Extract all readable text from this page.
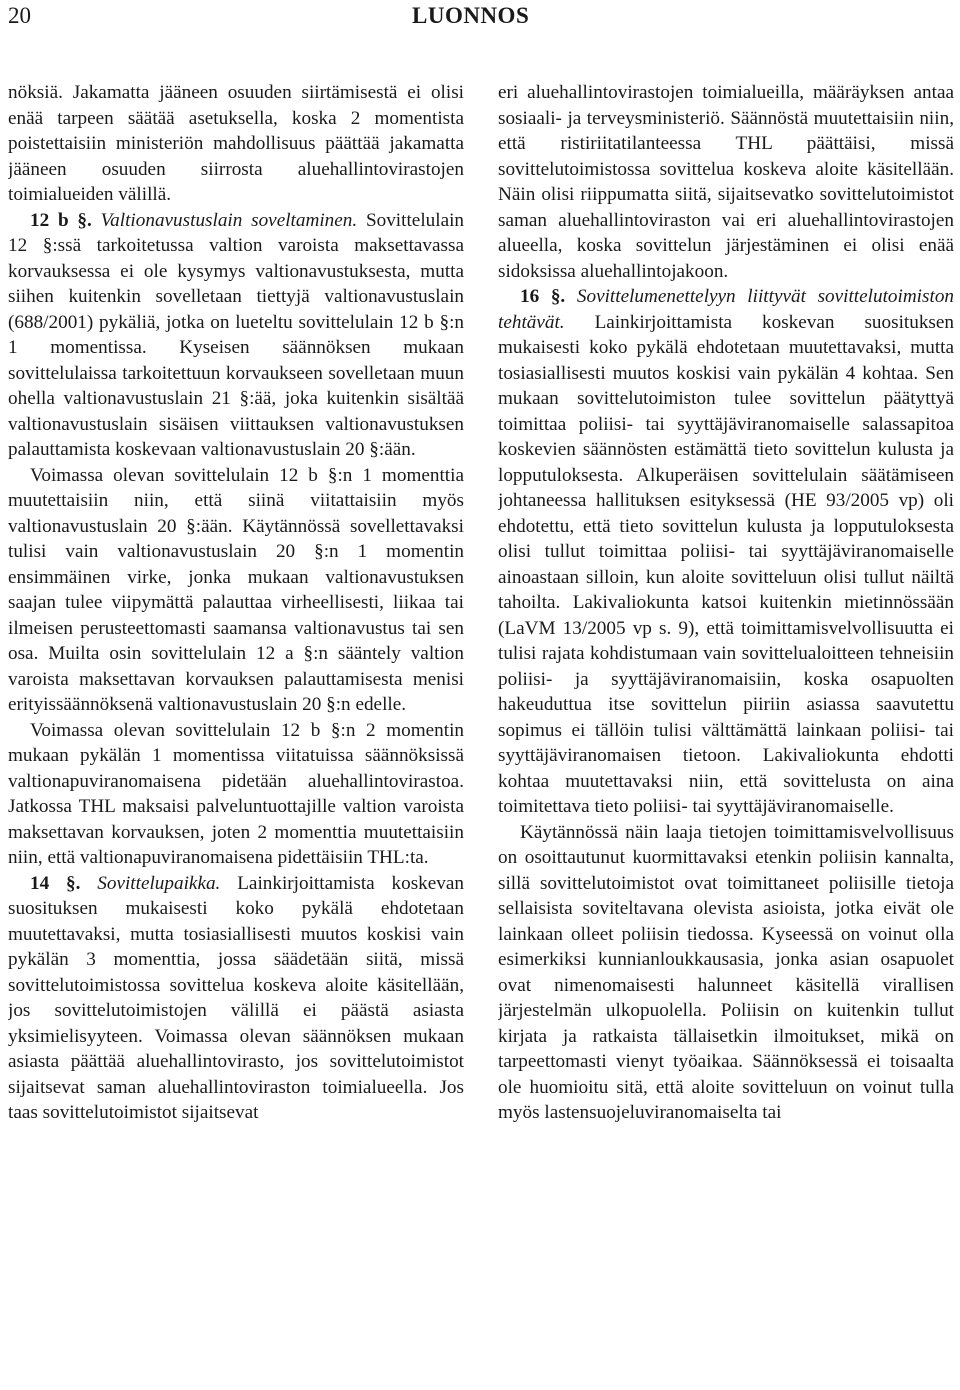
20	LUONNOS

nöksiä. Jakamatta jääneen osuuden siirtämisestä ei olisi enää tarpeen säätää asetuksella, koska 2 momentista poistettaisiin ministeriön mahdollisuus päättää jakamatta jääneen osuuden siirrosta aluehallintovirastojen toimialueiden välillä.

12 b §. Valtionavustuslain soveltaminen. Sovittelulain 12 §:ssä tarkoitetussa valtion varoista maksettavassa korvauksessa ei ole kysymys valtionavustuksesta, mutta siihen kuitenkin sovelletaan tiettyjä valtionavustuslain (688/2001) pykäliä, jotka on lueteltu sovittelulain 12 b §:n 1 momentissa. Kyseisen säännöksen mukaan sovittelulaissa tarkoitettuun korvaukseen sovelletaan muun ohella valtionavustuslain 21 §:ää, joka kuitenkin sisältää valtionavustuslain sisäisen viittauksen valtionavustuksen palauttamista koskevaan valtionavustuslain 20 §:ään.

Voimassa olevan sovittelulain 12 b §:n 1 momenttia muutettaisiin niin, että siinä viitattaisiin myös valtionavustuslain 20 §:ään. Käytännössä sovellettavaksi tulisi vain valtionavustuslain 20 §:n 1 momentin ensimmäinen virke, jonka mukaan valtionavustuksen saajan tulee viipymättä palauttaa virheellisesti, liikaa tai ilmeisen perusteettomasti saamansa valtionavustus tai sen osa. Muilta osin sovittelulain 12 a §:n sääntely valtion varoista maksettavan korvauksen palauttamisesta menisi erityissäännöksenä valtionavustuslain 20 §:n edelle.

Voimassa olevan sovittelulain 12 b §:n 2 momentin mukaan pykälän 1 momentissa viitatuissa säännöksissä valtionapuviranomaisena pidetään aluehallintovirastoa. Jatkossa THL maksaisi palveluntuottajille valtion varoista maksettavan korvauksen, joten 2 momenttia muutettaisiin niin, että valtionapuviranomaisena pidettäisiin THL:ta.

14 §. Sovittelupaikka. Lainkirjoittamista koskevan suosituksen mukaisesti koko pykälä ehdotetaan muutettavaksi, mutta tosiasiallisesti muutos koskisi vain pykälän 3 momenttia, jossa säädetään siitä, missä sovittelutoimistossa sovittelua koskeva aloite käsitellään, jos sovittelutoimistojen välillä ei päästä asiasta yksimielisyyteen. Voimassa olevan säännöksen mukaan asiasta päättää aluehallintovirasto, jos sovittelutoimistot sijaitsevat saman aluehallintoviraston toimialueella. Jos taas sovittelutoimistot sijaitsevat

eri aluehallintovirastojen toimialueilla, määräyksen antaa sosiaali- ja terveysministeriö. Säännöstä muutettaisiin niin, että ristiriitatilanteessa THL päättäisi, missä sovittelutoimistossa sovittelua koskeva aloite käsitellään. Näin olisi riippumatta siitä, sijaitsevatko sovittelutoimistot saman aluehallintoviraston vai eri aluehallintovirastojen alueella, koska sovittelun järjestäminen ei olisi enää sidoksissa aluehallintojakoon.

16 §. Sovittelumenettelyyn liittyvät sovittelutoimiston tehtävät. Lainkirjoittamista koskevan suosituksen mukaisesti koko pykälä ehdotetaan muutettavaksi, mutta tosiasiallisesti muutos koskisi vain pykälän 4 kohtaa. Sen mukaan sovittelutoimiston tulee sovittelun päätyttyä toimittaa poliisi- tai syyttäjäviranomaiselle salassapitoa koskevien säännösten estämättä tieto sovittelun kulusta ja lopputuloksesta. Alkuperäisen sovittelulain säätämiseen johtaneessa hallituksen esityksessä (HE 93/2005 vp) oli ehdotettu, että tieto sovittelun kulusta ja lopputuloksesta olisi tullut toimittaa poliisi- tai syyttäjäviranomaiselle ainoastaan silloin, kun aloite sovitteluun olisi tullut näiltä tahoilta. Lakivaliokunta katsoi kuitenkin mietinnössään (LaVM 13/2005 vp s. 9), että toimittamisvelvollisuutta ei tulisi rajata kohdistumaan vain sovittelualoitteen tehneisiin poliisi- ja syyttäjäviranomaisiin, koska osapuolten hakeuduttua itse sovittelun piiriin asiassa saavutettu sopimus ei tällöin tulisi välttämättä lainkaan poliisi- tai syyttäjäviranomaisen tietoon. Lakivaliokunta ehdotti kohtaa muutettavaksi niin, että sovittelusta on aina toimitettava tieto poliisi- tai syyttäjäviranomaiselle.

Käytännössä näin laaja tietojen toimittamisvelvollisuus on osoittautunut kuormittavaksi etenkin poliisin kannalta, sillä sovittelutoimistot ovat toimittaneet poliisille tietoja sellaisista soviteltavana olevista asioista, jotka eivät ole lainkaan olleet poliisin tiedossa. Kyseessä on voinut olla esimerkiksi kunnianloukkausasia, jonka asian osapuolet ovat nimenomaisesti halunneet käsitellä virallisen järjestelmän ulkopuolella. Poliisin on kuitenkin tullut kirjata ja ratkaista tällaisetkin ilmoitukset, mikä on tarpeettomasti vienyt työaikaa. Säännöksessä ei toisaalta ole huomioitu sitä, että aloite sovitteluun on voinut tulla myös lastensuojeluviranomaiselta tai
